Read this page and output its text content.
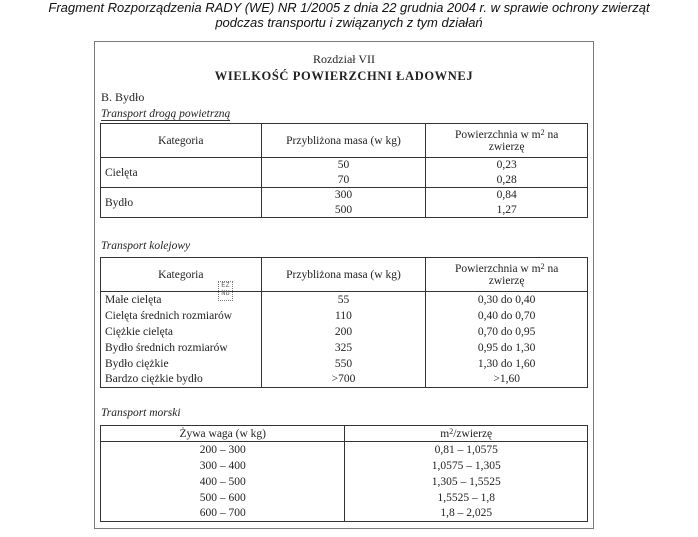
Fragment Rozporządzenia RADY (WE) NR 1/2005 z dnia 22 grudnia 2004 r. w sprawie ochrony zwierząt
podczas transportu i związanych z tym działań
Rozdział VII
WIELKOŚĆ POWIERZCHNI ŁADOWNEJ
B. Bydło
Transport drogą powietrzną
Kategoria	Przybliżona masa (w kg)	Powierzchnia w $m^2$ na
zwierzę
Cielęta	50	0,23
	70	0,28
Bydło	300	0,84
	500	1,27
Transport kolejowy
Kategoria	Przybliżona masa (w kg)	Powierzchnia w $m^2$ na
zwierzę
Małe cielęta	55	0,30 do 0,40
Cielęta średnich rozmiarów	110	0,40 do 0,70
Ciężkie cielęta	200	0,70 do 0,95
Bydło średnich rozmiarów	325	0,95 do 1,30
Bydło ciężkie	550	1,30 do 1,60
Bardzo ciężkie bydło	>700	>1,60
Transport morski
Żywa waga (w kg)	$m^2$/zwierzę
200 – 300	0,81 – 1,0575
300 – 400	1,0575 – 1,305
400 – 500	1,305 – 1,5525
500 – 600	1,5525 – 1,8
600 – 700	1,8 – 2,025
EZ
NU
